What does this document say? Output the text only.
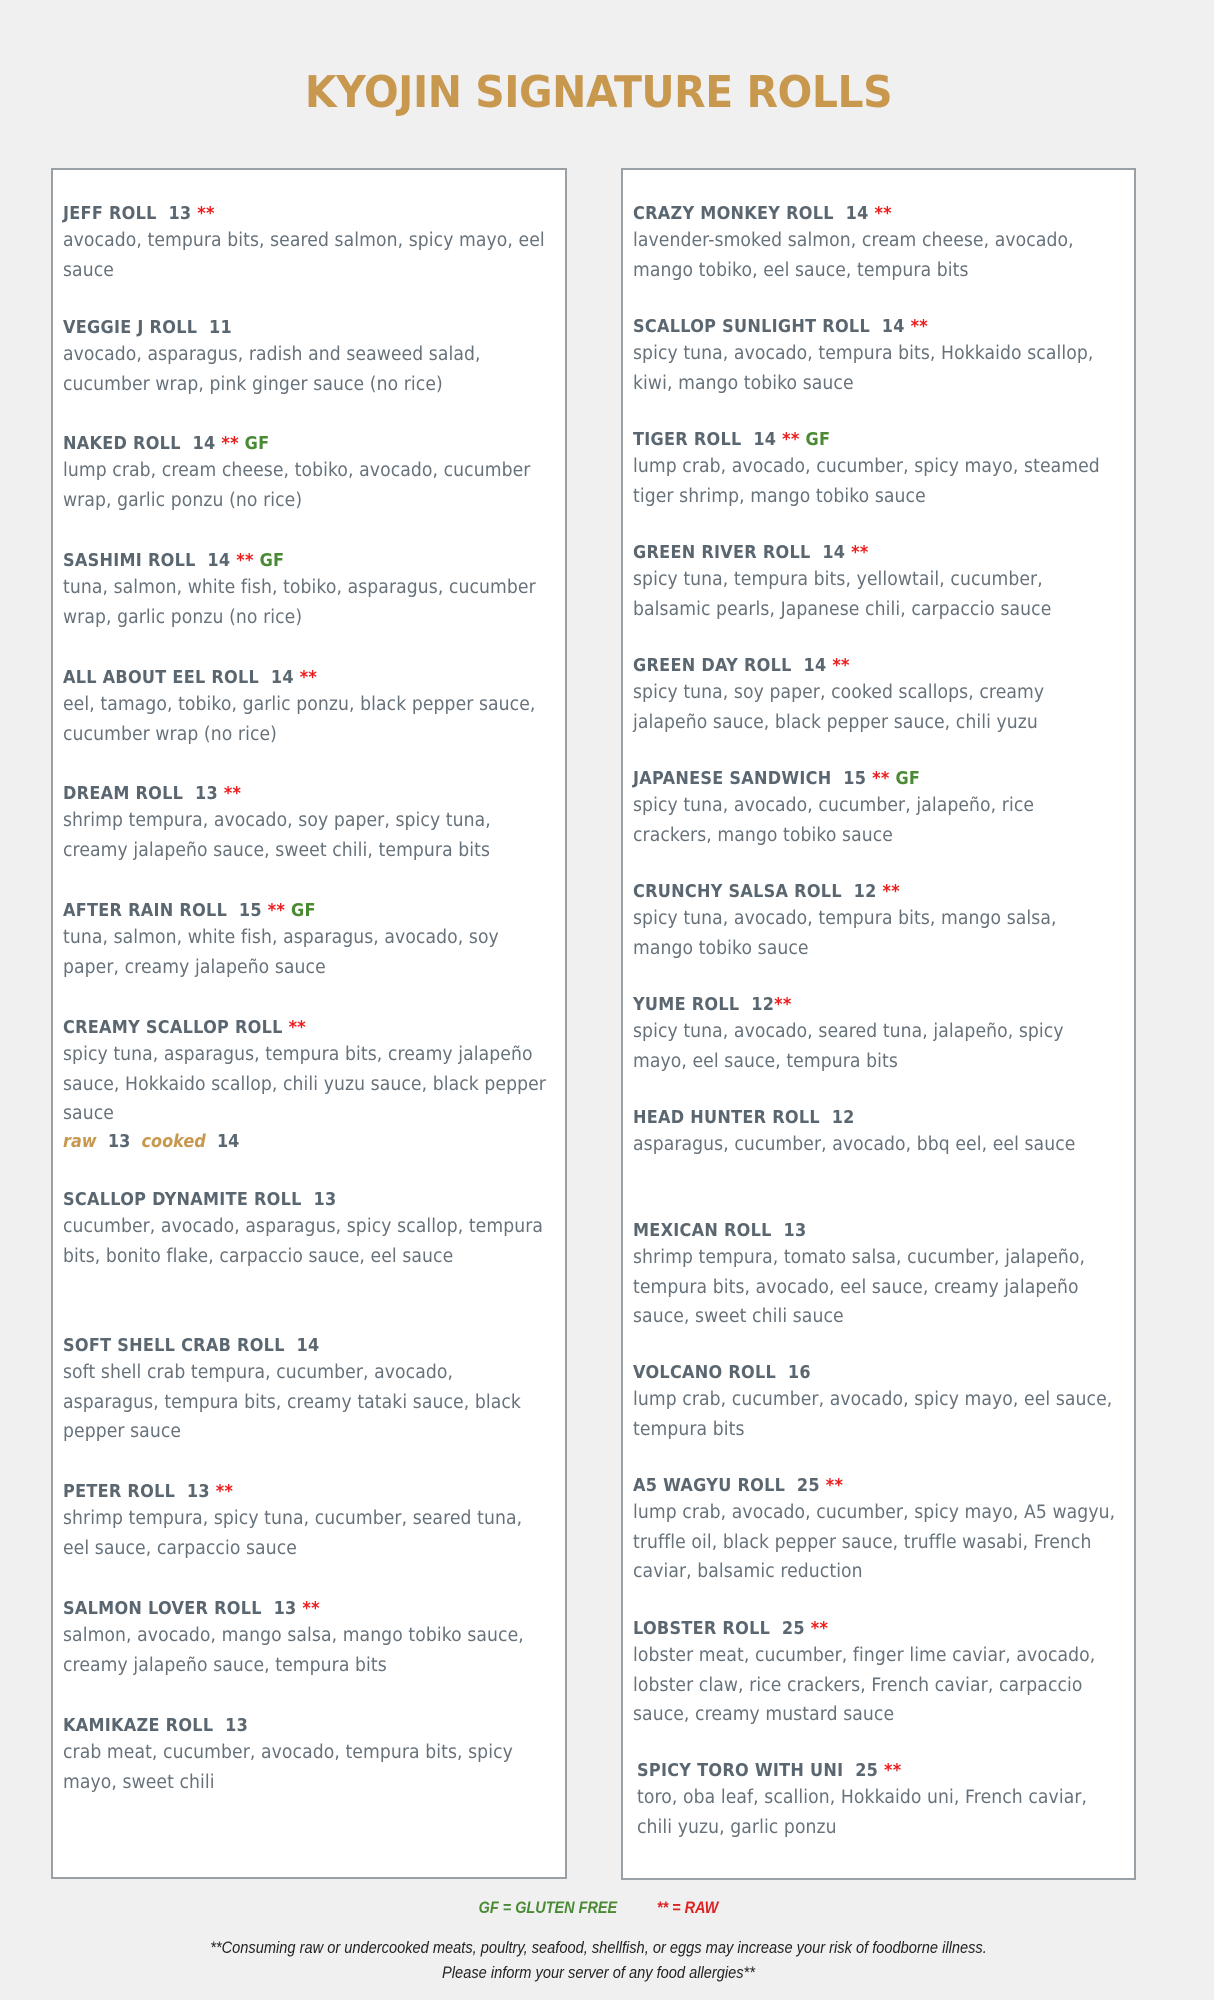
KYOJIN SIGNATURE ROLLS
JEFF ROLL 13 **
avocado, tempura bits, seared salmon, spicy mayo, eel sauce
VEGGIE J ROLL 11
avocado, asparagus, radish and seaweed salad, cucumber wrap, pink ginger sauce (no rice)
NAKED ROLL 14 ** GF
lump crab, cream cheese, tobiko, avocado, cucumber wrap, garlic ponzu (no rice)
SASHIMI ROLL 14 ** GF
tuna, salmon, white fish, tobiko, asparagus, cucumber wrap, garlic ponzu (no rice)
ALL ABOUT EEL ROLL 14 **
eel, tamago, tobiko, garlic ponzu, black pepper sauce, cucumber wrap (no rice)
DREAM ROLL 13 **
shrimp tempura, avocado, soy paper, spicy tuna, creamy jalapeño sauce, sweet chili, tempura bits
AFTER RAIN ROLL 15 ** GF
tuna, salmon, white fish, asparagus, avocado, soy paper, creamy jalapeño sauce
CREAMY SCALLOP ROLL **
spicy tuna, asparagus, tempura bits, creamy jalapeño sauce, Hokkaido scallop, chili yuzu sauce, black pepper sauce
raw 13 cooked 14
SCALLOP DYNAMITE ROLL 13
cucumber, avocado, asparagus, spicy scallop, tempura bits, bonito flake, carpaccio sauce, eel sauce
SOFT SHELL CRAB ROLL 14
soft shell crab tempura, cucumber, avocado, asparagus, tempura bits, creamy tataki sauce, black pepper sauce
PETER ROLL 13 **
shrimp tempura, spicy tuna, cucumber, seared tuna, eel sauce, carpaccio sauce
SALMON LOVER ROLL 13 **
salmon, avocado, mango salsa, mango tobiko sauce, creamy jalapeño sauce, tempura bits
KAMIKAZE ROLL 13
crab meat, cucumber, avocado, tempura bits, spicy mayo, sweet chili
CRAZY MONKEY ROLL 14 **
lavender-smoked salmon, cream cheese, avocado, mango tobiko, eel sauce, tempura bits
SCALLOP SUNLIGHT ROLL 14 **
spicy tuna, avocado, tempura bits, Hokkaido scallop, kiwi, mango tobiko sauce
TIGER ROLL 14 ** GF
lump crab, avocado, cucumber, spicy mayo, steamed tiger shrimp, mango tobiko sauce
GREEN RIVER ROLL 14 **
spicy tuna, tempura bits, yellowtail, cucumber, balsamic pearls, Japanese chili, carpaccio sauce
GREEN DAY ROLL 14 **
spicy tuna, soy paper, cooked scallops, creamy jalapeño sauce, black pepper sauce, chili yuzu
JAPANESE SANDWICH 15 ** GF
spicy tuna, avocado, cucumber, jalapeño, rice crackers, mango tobiko sauce
CRUNCHY SALSA ROLL 12 **
spicy tuna, avocado, tempura bits, mango salsa, mango tobiko sauce
YUME ROLL 12**
spicy tuna, avocado, seared tuna, jalapeño, spicy mayo, eel sauce, tempura bits
HEAD HUNTER ROLL 12
asparagus, cucumber, avocado, bbq eel, eel sauce
MEXICAN ROLL 13
shrimp tempura, tomato salsa, cucumber, jalapeño, tempura bits, avocado, eel sauce, creamy jalapeño sauce, sweet chili sauce
VOLCANO ROLL 16
lump crab, cucumber, avocado, spicy mayo, eel sauce, tempura bits
A5 WAGYU ROLL 25 **
lump crab, avocado, cucumber, spicy mayo, A5 wagyu, truffle oil, black pepper sauce, truffle wasabi, French caviar, balsamic reduction
LOBSTER ROLL 25 **
lobster meat, cucumber, finger lime caviar, avocado, lobster claw, rice crackers, French caviar, carpaccio sauce, creamy mustard sauce
SPICY TORO WITH UNI 25 **
toro, oba leaf, scallion, Hokkaido uni, French caviar, chili yuzu, garlic ponzu
GF = GLUTEN FREE ** = RAW
**Consuming raw or undercooked meats, poultry, seafood, shellfish, or eggs may increase your risk of foodborne illness.
Please inform your server of any food allergies**
